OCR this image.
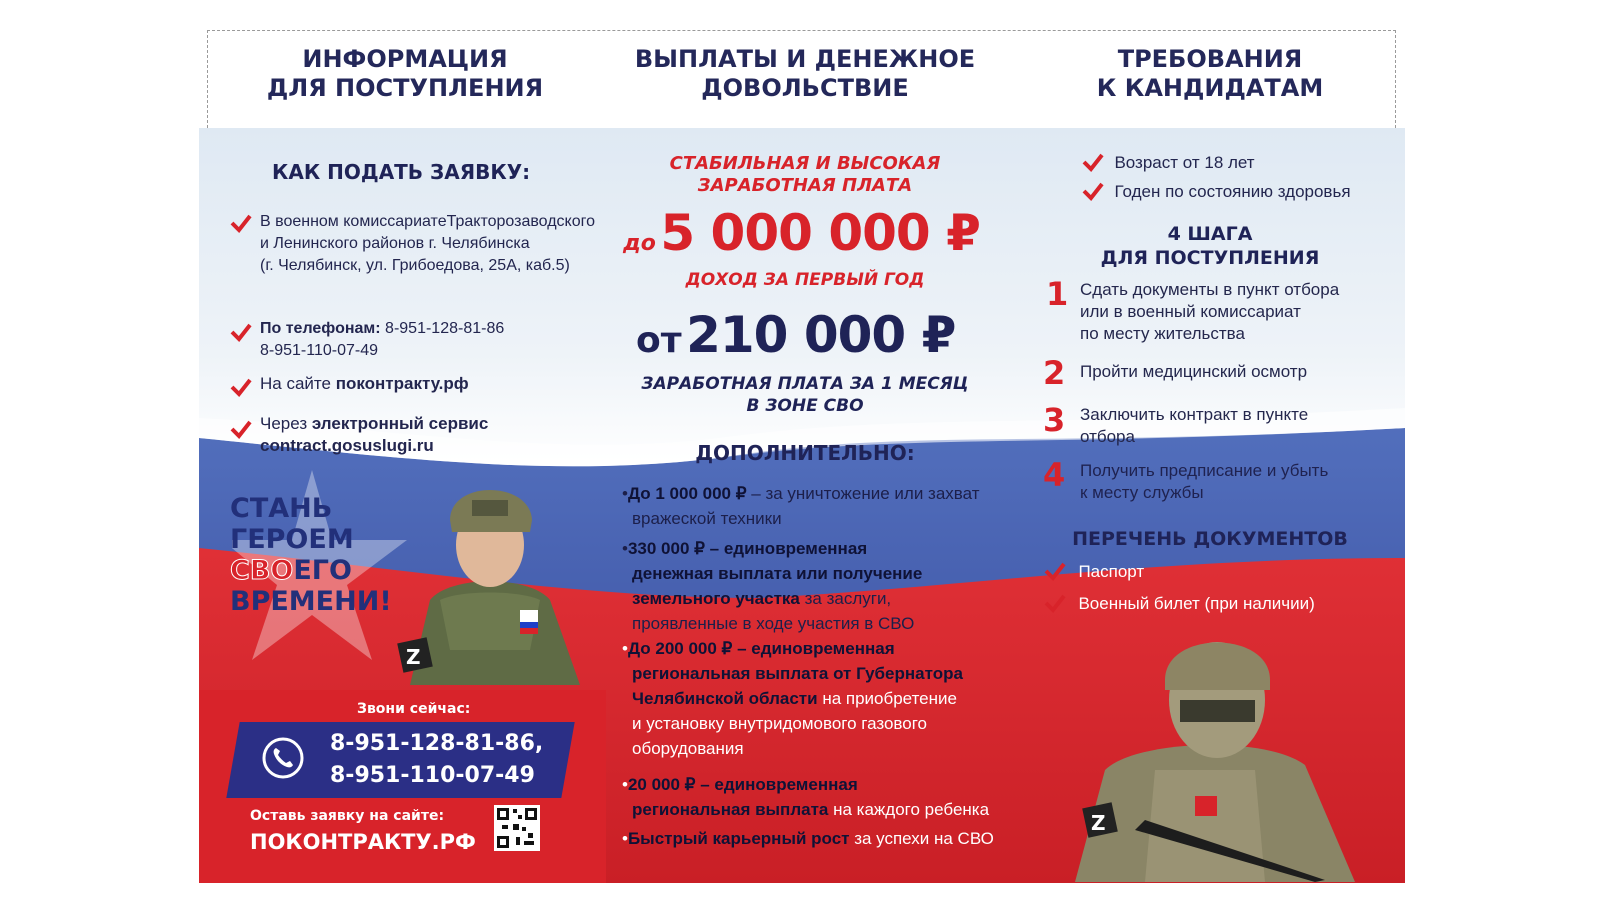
ИНФОРМАЦИЯ
ДЛЯ ПОСТУПЛЕНИЯ
ВЫПЛАТЫ И ДЕНЕЖНОЕ
ДОВОЛЬСТВИЕ
ТРЕБОВАНИЯ
К КАНДИДАТАМ
КАК ПОДАТЬ ЗАЯВКУ:
В военном комиссариатеТракторозаводского
и Ленинского районов г. Челябинска
(г. Челябинск, ул. Грибоедова, 25А, каб.5)
По телефонам: 8-951-128-81-86
8-951-110-07-49
На сайте поконтракту.рф
Через электронный сервис
contract.gosuslugi.ru
СТАНЬ
ГЕРОЕМ
СВОЕГО
ВРЕМЕНИ!
Z
Звони сейчас:
8-951-128-81-86,
8-951-110-07-49
Оставь заявку на сайте:
ПОКОНТРАКТУ.РФ
СТАБИЛЬНАЯ И ВЫСОКАЯ
ЗАРАБОТНАЯ ПЛАТА
до 5 000 000 ₽
ДОХОД ЗА ПЕРВЫЙ ГОД
от 210 000 ₽
ЗАРАБОТНАЯ ПЛАТА ЗА 1 МЕСЯЦ
В ЗОНЕ СВО
ДОПОЛНИТЕЛЬНО:
•До 1 000 000 ₽ – за уничтожение или захват
вражеской техники
•330 000 ₽ – единовременная
денежная выплата или получение
земельного участка за заслуги,
проявленные в ходе участия в СВО
•До 200 000 ₽ – единовременная
региональная выплата от Губернатора
Челябинской области на приобретение
и установку внутридомового газового
оборудования
•20 000 ₽ – единовременная
региональная выплата на каждого ребенка
•Быстрый карьерный рост за успехи на СВО
Возраст от 18 лет
Годен по состоянию здоровья
4 ШАГА
ДЛЯ ПОСТУПЛЕНИЯ
1 Сдать документы в пункт отбора
или в военный комиссариат
по месту жительства
2 Пройти медицинский осмотр
3 Заключить контракт в пункте
отбора
4 Получить предписание и убыть
к месту службы
ПЕРЕЧЕНЬ ДОКУМЕНТОВ
Паспорт
Военный билет (при наличии)
Z
